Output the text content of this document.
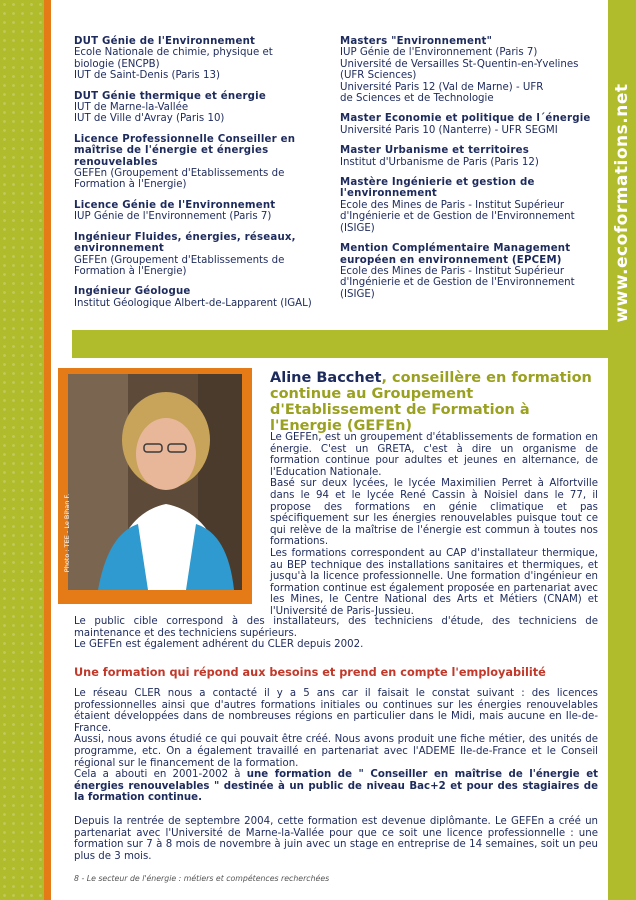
www.ecoformations.net
DUT Génie de l'Environnement
Ecole Nationale de chimie, physique et
biologie (ENCPB)
IUT de Saint-Denis (Paris 13)
DUT Génie thermique et énergie
IUT de Marne-la-Vallée
IUT de Ville d'Avray (Paris 10)
Licence Professionnelle Conseiller en maîtrise de l'énergie et énergies renouvelables
GEFEn (Groupement d'Etablissements de
Formation à l'Energie)
Licence Génie de l'Environnement
IUP Génie de l'Environnement (Paris 7)
Ingénieur Fluides, énergies, réseaux, environnement
GEFEn (Groupement d'Etablissements de
Formation à l'Energie)
Ingénieur Géologue
Institut Géologique Albert-de-Lapparent (IGAL)
Masters "Environnement"
IUP Génie de l'Environnement (Paris 7)
Université de Versailles St-Quentin-en-Yvelines
(UFR Sciences)
Université Paris 12 (Val de Marne) - UFR
de Sciences et de Technologie
Master Economie et politique de l´énergie
Université Paris 10 (Nanterre) - UFR SEGMI
Master Urbanisme et territoires
Institut d'Urbanisme de Paris (Paris 12)
Mastère Ingénierie et gestion de l'environnement
Ecole des Mines de Paris - Institut Supérieur
d'Ingénierie et de Gestion de l'Environnement
(ISIGE)
Mention Complémentaire Management européen en environnement (EPCEM)
Ecole des Mines de Paris - Institut Supérieur
d'Ingénierie et de Gestion de l'Environnement
(ISIGE)
Photo : TEE - Le Bihan F.
Aline Bacchet, conseillère en formation continue au Groupement d'Etablissement de Formation à l'Energie (GEFEn)
Le GEFEn, est un groupement d'établissements de formation en énergie. C'est un GRETA, c'est à dire un organisme de formation continue pour adultes et jeunes en alternance, de l'Education Nationale.
Basé sur deux lycées, le lycée Maximilien Perret à Alfortville dans le 94 et le lycée René Cassin à Noisiel dans le 77, il propose des formations en génie climatique et pas spécifiquement sur les énergies renouvelables puisque tout ce qui relève de la maîtrise de l'énergie est commun à toutes nos formations.
Les formations correspondent au CAP d'installateur thermique, au BEP technique des installations sanitaires et thermiques, et jusqu'à la licence professionnelle. Une formation d'ingénieur en formation continue est également proposée en partenariat avec les Mines, le Centre National des Arts et Métiers (CNAM) et l'Université de Paris-Jussieu.
Le public cible correspond à des installateurs, des techniciens d'étude, des techniciens de maintenance et des techniciens supérieurs.
Le GEFEn est également adhérent du CLER depuis 2002.
Une formation qui répond aux besoins et prend en compte l'employabilité
Le réseau CLER nous a contacté il y a 5 ans car il faisait le constat suivant : des licences professionnelles ainsi que d'autres formations initiales ou continues sur les énergies renouvelables étaient développées dans de nombreuses régions en particulier dans le Midi, mais aucune en Ile-de-France.
Aussi, nous avons étudié ce qui pouvait être créé. Nous avons produit une fiche métier, des unités de programme, etc. On a également travaillé en partenariat avec l'ADEME Ile-de-France et le Conseil régional sur le financement de la formation.
Cela a abouti en 2001-2002 à une formation de " Conseiller en maîtrise de l'énergie et énergies renouvelables " destinée à un public de niveau Bac+2 et pour des stagiaires de la formation continue.
Depuis la rentrée de septembre 2004, cette formation est devenue diplômante. Le GEFEn a créé un partenariat avec l'Université de Marne-la-Vallée pour que ce soit une licence professionnelle : une formation sur 7 à 8 mois de novembre à juin avec un stage en entreprise de 14 semaines, soit un peu plus de 3 mois.
8 - Le secteur de l'énergie : métiers et compétences recherchées
